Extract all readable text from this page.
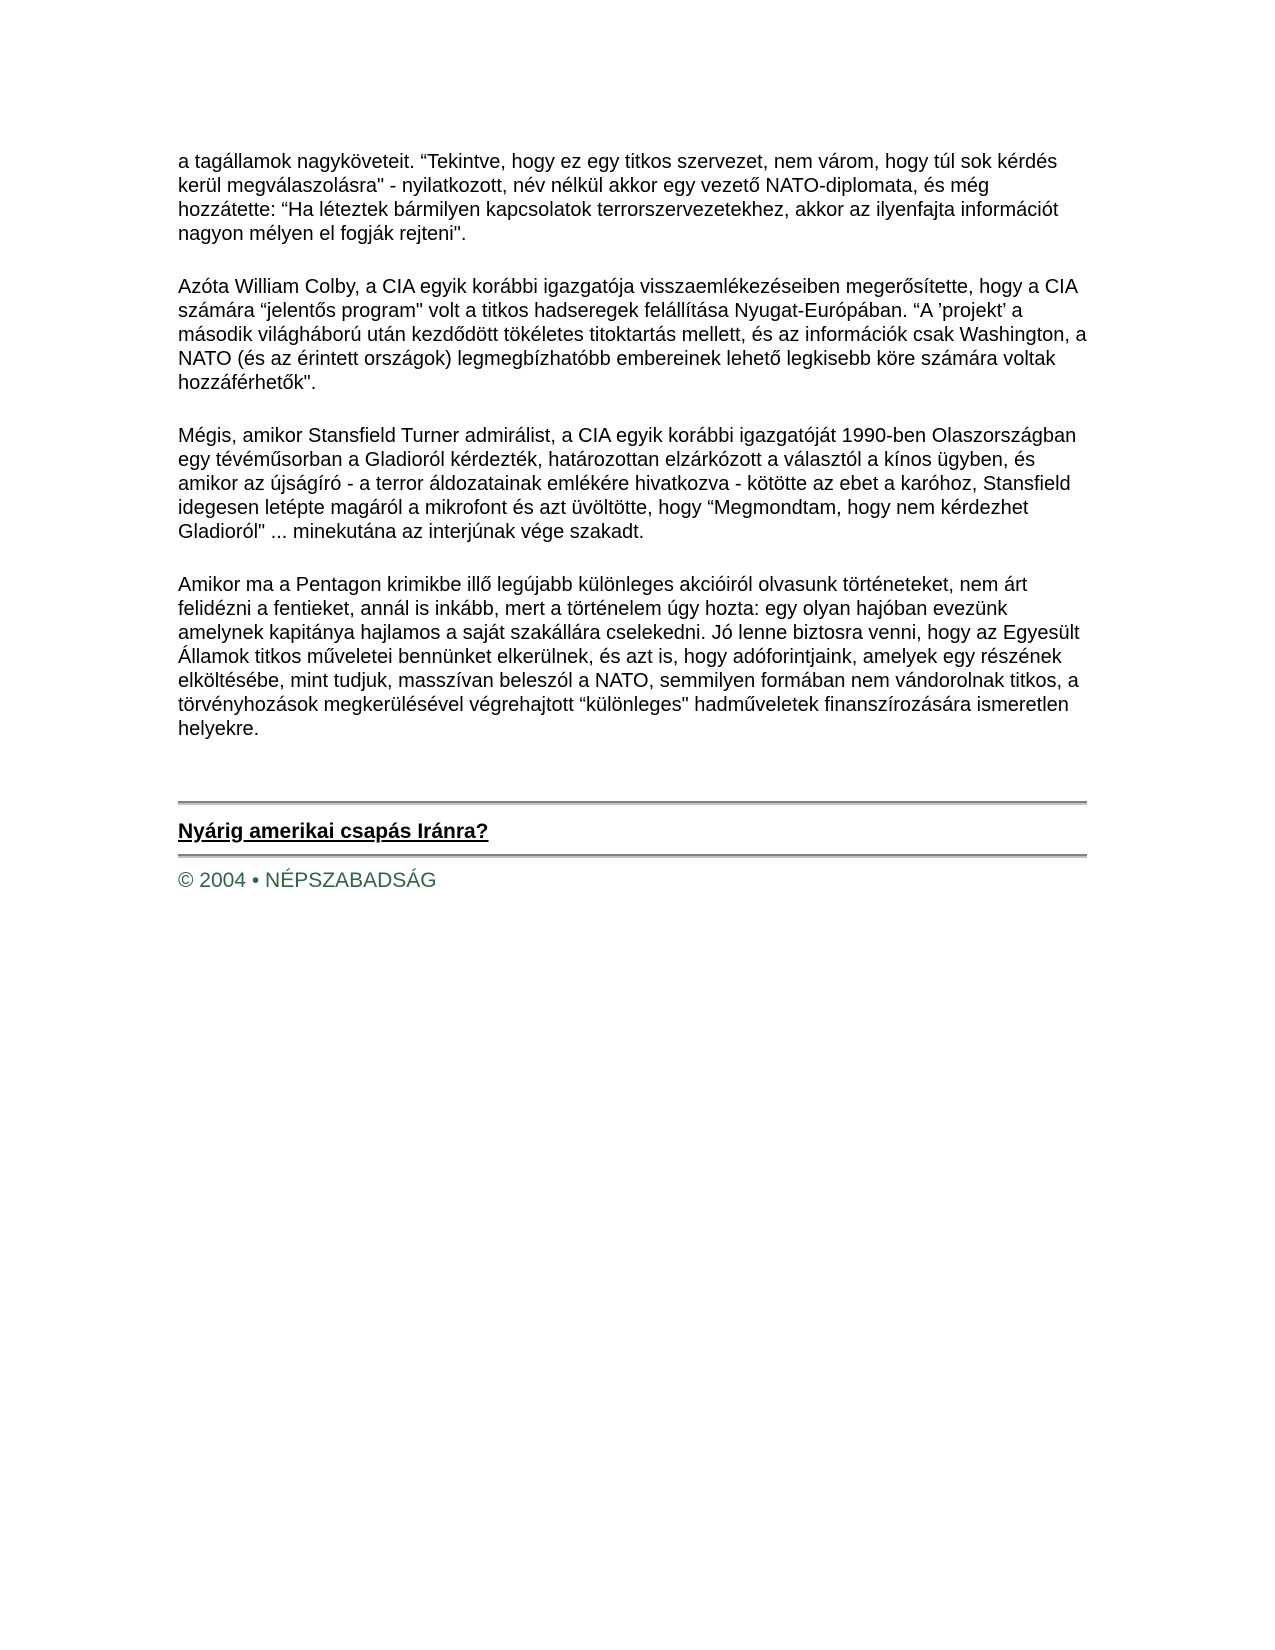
a tagállamok nagyköveteit. “Tekintve, hogy ez egy titkos szervezet, nem várom, hogy túl sok kérdés kerül megválaszolásra" - nyilatkozott, név nélkül akkor egy vezető NATO-diplomata, és még hozzátette: “Ha léteztek bármilyen kapcsolatok terrorszervezetekhez, akkor az ilyenfajta információt nagyon mélyen el fogják rejteni".

Azóta William Colby, a CIA egyik korábbi igazgatója visszaemlékezéseiben megerősítette, hogy a CIA számára “jelentős program" volt a titkos hadseregek felállítása Nyugat-Európában. “A ’projekt’ a második világháború után kezdődött tökéletes titoktartás mellett, és az információk csak Washington, a NATO (és az érintett országok) legmegbízhatóbb embereinek lehető legkisebb köre számára voltak hozzáférhetők".

Mégis, amikor Stansfield Turner admirálist, a CIA egyik korábbi igazgatóját 1990-ben Olaszországban egy tévéműsorban a Gladioról kérdezték, határozottan elzárkózott a választól a kínos ügyben, és amikor az újságíró - a terror áldozatainak emlékére hivatkozva - kötötte az ebet a karóhoz, Stansfield idegesen letépte magáról a mikrofont és azt üvöltötte, hogy “Megmondtam, hogy nem kérdezhet Gladioról" ... minekutána az interjúnak vége szakadt.

Amikor ma a Pentagon krimikbe illő legújabb különleges akcióiról olvasunk történeteket, nem árt felidézni a fentieket, annál is inkább, mert a történelem úgy hozta: egy olyan hajóban evezünk amelynek kapitánya hajlamos a saját szakállára cselekedni. Jó lenne biztosra venni, hogy az Egyesült Államok titkos műveletei bennünket elkerülnek, és azt is, hogy adóforintjaink, amelyek egy részének elköltésébe, mint tudjuk, masszívan beleszól a NATO, semmilyen formában nem vándorolnak titkos, a törvényhozások megkerülésével végrehajtott “különleges" hadműveletek finanszírozására ismeretlen helyekre.

Nyárig amerikai csapás Iránra?

© 2004 • NÉPSZABADSÁG
